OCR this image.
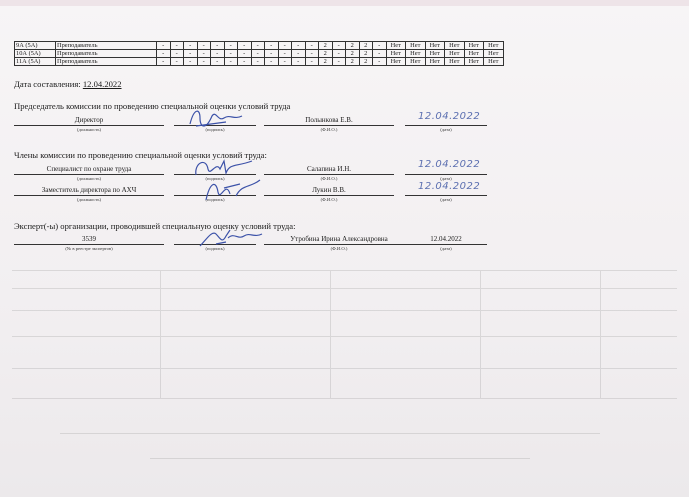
9А (5А)	Преподаватель	-	-	-	-	-	-	-	-	-	-	-	-	2	-	2	2	-	Нет	Нет	Нет	Нет	Нет	Нет
10А (5А)	Преподаватель	-	-	-	-	-	-	-	-	-	-	-	-	2	-	2	2	-	Нет	Нет	Нет	Нет	Нет	Нет
11А (5А)	Преподаватель	-	-	-	-	-	-	-	-	-	-	-	-	2	-	2	2	-	Нет	Нет	Нет	Нет	Нет	Нет
Дата составления: 12.04.2022
Председатель комиссии по проведению специальной оценки условий труда
Директор
(должность)	(подпись)
Полынкова Е.В.
(Ф.И.О.)	(дата)
12.04.2022
Члены комиссии по проведению специальной оценки условий труда:
Специалист по охране труда
(должность)	(подпись)
Салапина И.Н.
(Ф.И.О.)	(дата)
12.04.2022
Заместитель директора по АХЧ
(должность)	(подпись)
Лукин В.В.
(Ф.И.О.)	(дата)
12.04.2022
Эксперт(-ы) организации, проводившей специальную оценку условий труда:
3539
(№ в реестре экспертов)	(подпись)
Утробина Ирина Александровна
(Ф.И.О.)
12.04.2022
(дата)
